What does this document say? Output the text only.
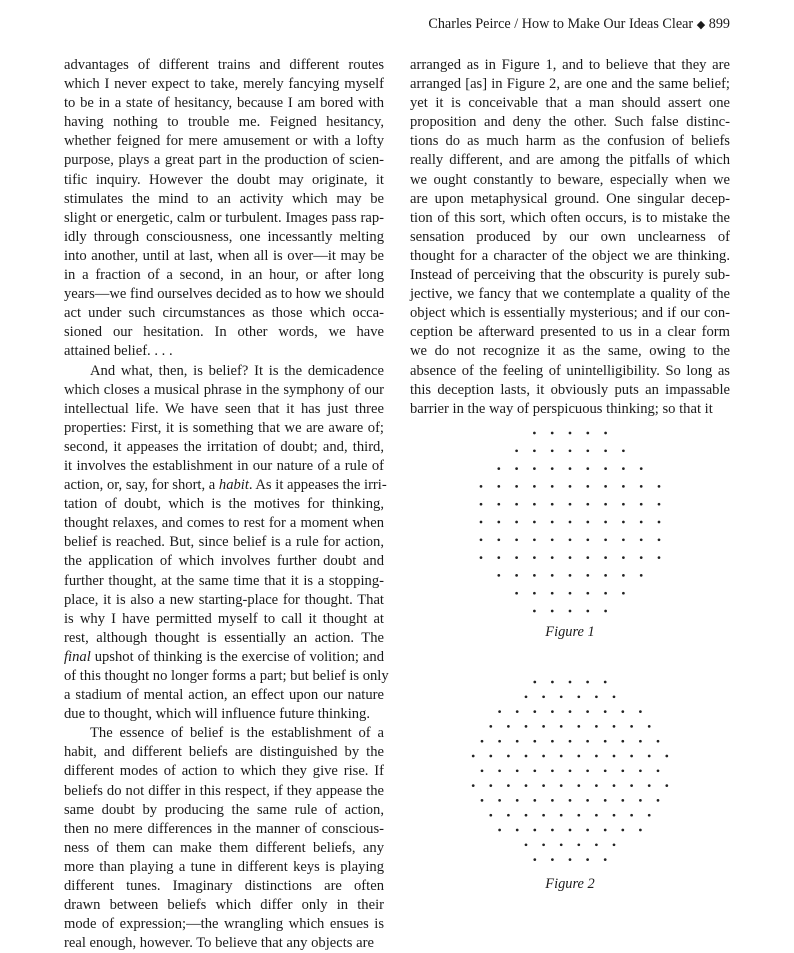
Charles Peirce / How to Make Our Ideas Clear ◆ 899
advantages of different trains and different routes
which I never expect to take, merely fancying myself
to be in a state of hesitancy, because I am bored with
having nothing to trouble me. Feigned hesitancy,
whether feigned for mere amusement or with a lofty
purpose, plays a great part in the production of scien-
tific inquiry. However the doubt may originate, it
stimulates the mind to an activity which may be
slight or energetic, calm or turbulent. Images pass rap-
idly through consciousness, one incessantly melting
into another, until at last, when all is over—it may be
in a fraction of a second, in an hour, or after long
years—we find ourselves decided as to how we should
act under such circumstances as those which occa-
sioned our hesitation. In other words, we have
attained belief. . . .
And what, then, is belief? It is the demicadence
which closes a musical phrase in the symphony of our
intellectual life. We have seen that it has just three
properties: First, it is something that we are aware of;
second, it appeases the irritation of doubt; and, third,
it involves the establishment in our nature of a rule of
action, or, say, for short, a habit. As it appeases the irri-
tation of doubt, which is the motives for thinking,
thought relaxes, and comes to rest for a moment when
belief is reached. But, since belief is a rule for action,
the application of which involves further doubt and
further thought, at the same time that it is a stopping-
place, it is also a new starting-place for thought. That
is why I have permitted myself to call it thought at
rest, although thought is essentially an action. The
final upshot of thinking is the exercise of volition; and
of this thought no longer forms a part; but belief is only
a stadium of mental action, an effect upon our nature
due to thought, which will influence future thinking.
The essence of belief is the establishment of a
habit, and different beliefs are distinguished by the
different modes of action to which they give rise. If
beliefs do not differ in this respect, if they appease the
same doubt by producing the same rule of action,
then no mere differences in the manner of conscious-
ness of them can make them different beliefs, any
more than playing a tune in different keys is playing
different tunes. Imaginary distinctions are often
drawn between beliefs which differ only in their
mode of expression;—the wrangling which ensues is
real enough, however. To believe that any objects are
arranged as in Figure 1, and to believe that they are
arranged [as] in Figure 2, are one and the same belief;
yet it is conceivable that a man should assert one
proposition and deny the other. Such false distinc-
tions do as much harm as the confusion of beliefs
really different, and are among the pitfalls of which
we ought constantly to beware, especially when we
are upon metaphysical ground. One singular decep-
tion of this sort, which often occurs, is to mistake the
sensation produced by our own unclearness of
thought for a character of the object we are thinking.
Instead of perceiving that the obscurity is purely sub-
jective, we fancy that we contemplate a quality of the
object which is essentially mysterious; and if our con-
ception be afterward presented to us in a clear form
we do not recognize it as the same, owing to the
absence of the feeling of unintelligibility. So long as
this deception lasts, it obviously puts an impassable
barrier in the way of perspicuous thinking; so that it
Figure 1
Figure 2
